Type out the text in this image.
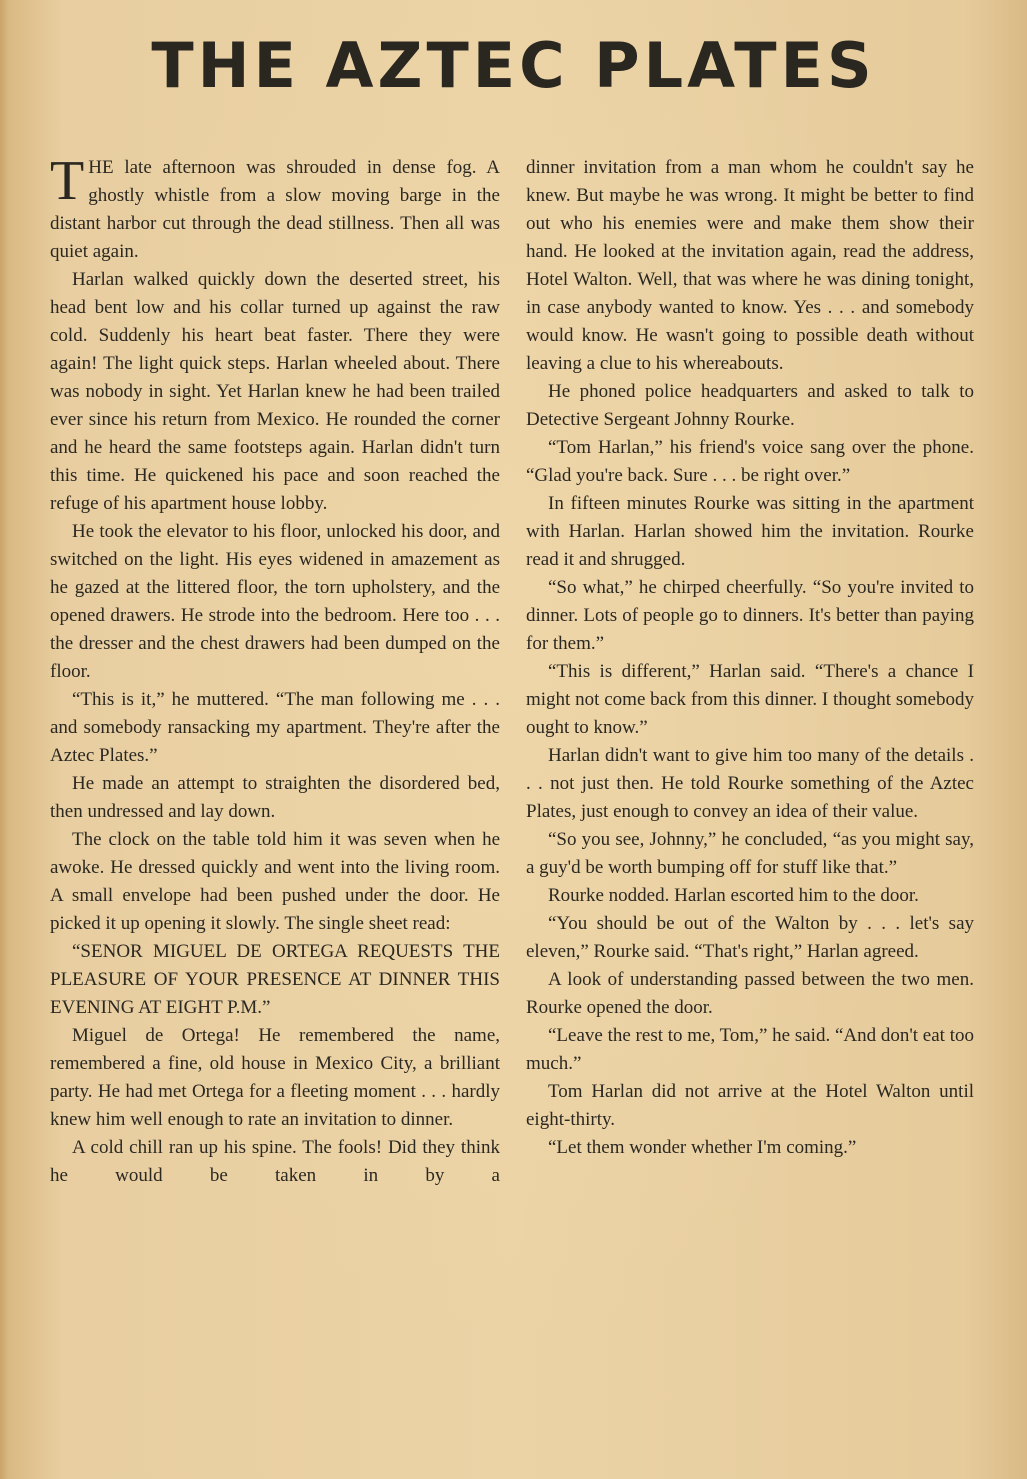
THE AZTEC PLATES

THE late afternoon was shrouded in dense fog. A ghostly whistle from a slow moving barge in the distant harbor cut through the dead stillness. Then all was quiet again.

Harlan walked quickly down the deserted street, his head bent low and his collar turned up against the raw cold. Suddenly his heart beat faster. There they were again! The light quick steps. Harlan wheeled about. There was nobody in sight. Yet Harlan knew he had been trailed ever since his return from Mexico. He rounded the corner and he heard the same footsteps again. Harlan didn't turn this time. He quickened his pace and soon reached the refuge of his apartment house lobby.

He took the elevator to his floor, unlocked his door, and switched on the light. His eyes widened in amazement as he gazed at the littered floor, the torn upholstery, and the opened drawers. He strode into the bedroom. Here too . . . the dresser and the chest drawers had been dumped on the floor.

“This is it,” he muttered. “The man following me . . . and somebody ransacking my apartment. They're after the Aztec Plates.”

He made an attempt to straighten the disordered bed, then undressed and lay down.

The clock on the table told him it was seven when he awoke. He dressed quickly and went into the living room. A small envelope had been pushed under the door. He picked it up opening it slowly. The single sheet read:

“SENOR MIGUEL DE ORTEGA REQUESTS THE PLEASURE OF YOUR PRESENCE AT DINNER THIS EVENING AT EIGHT P.M.”

Miguel de Ortega! He remembered the name, remembered a fine, old house in Mexico City, a brilliant party. He had met Ortega for a fleeting moment . . . hardly knew him well enough to rate an invitation to dinner.

A cold chill ran up his spine. The fools! Did they think he would be taken in by a

dinner invitation from a man whom he couldn't say he knew. But maybe he was wrong. It might be better to find out who his enemies were and make them show their hand. He looked at the invitation again, read the address, Hotel Walton. Well, that was where he was dining tonight, in case anybody wanted to know. Yes . . . and somebody would know. He wasn't going to possible death without leaving a clue to his whereabouts.

He phoned police headquarters and asked to talk to Detective Sergeant Johnny Rourke.

“Tom Harlan,” his friend's voice sang over the phone. “Glad you're back. Sure . . . be right over.”

In fifteen minutes Rourke was sitting in the apartment with Harlan. Harlan showed him the invitation. Rourke read it and shrugged.

“So what,” he chirped cheerfully. “So you're invited to dinner. Lots of people go to dinners. It's better than paying for them.”

“This is different,” Harlan said. “There's a chance I might not come back from this dinner. I thought somebody ought to know.”

Harlan didn't want to give him too many of the details . . . not just then. He told Rourke something of the Aztec Plates, just enough to convey an idea of their value.

“So you see, Johnny,” he concluded, “as you might say, a guy'd be worth bumping off for stuff like that.”

Rourke nodded. Harlan escorted him to the door.

“You should be out of the Walton by . . . let's say eleven,” Rourke said. “That's right,” Harlan agreed.

A look of understanding passed between the two men. Rourke opened the door.

“Leave the rest to me, Tom,” he said. “And don't eat too much.”

Tom Harlan did not arrive at the Hotel Walton until eight-thirty.

“Let them wonder whether I'm coming.”
